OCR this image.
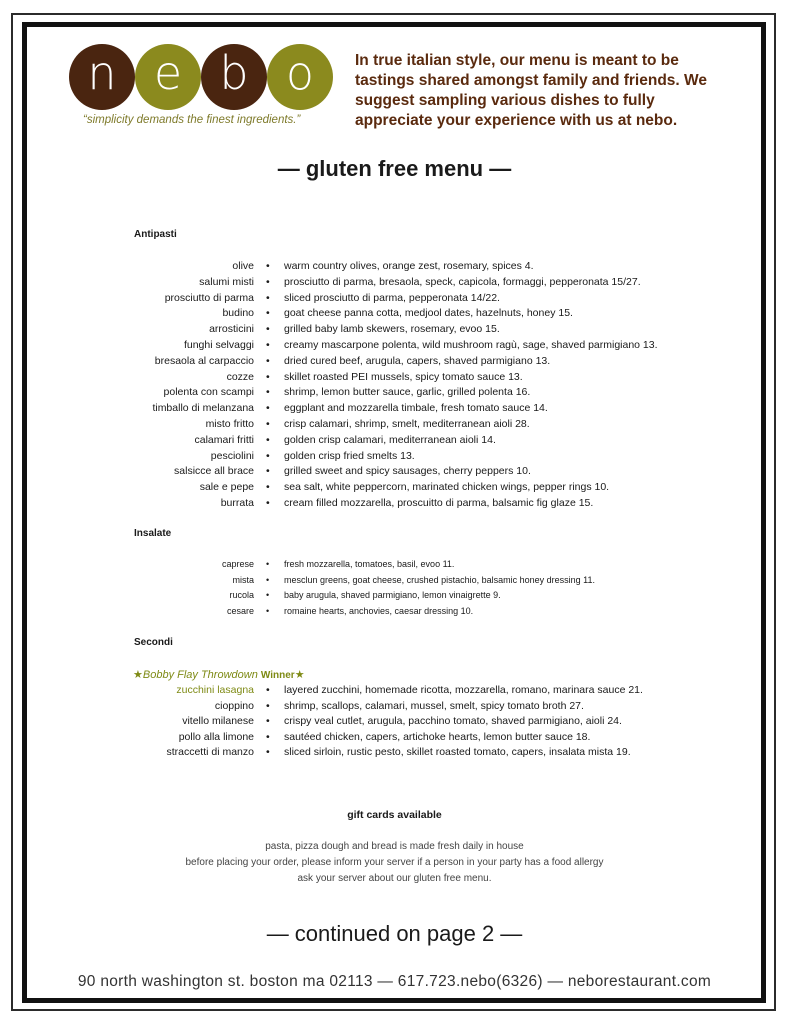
n e b o
“simplicity demands the finest ingredients.”
In true italian style, our menu is meant to be tastings shared amongst family and friends. We suggest sampling various dishes to fully appreciate your experience with us at nebo.
— gluten free menu —
Antipasti
Insalate
Secondi
★Bobby Flay Throwdown Winner★
olive • warm country olives, orange zest, rosemary, spices 4.
salumi misti • prosciutto di parma, bresaola, speck, capicola, formaggi, pepperonata 15/27.
prosciutto di parma • sliced prosciutto di parma, pepperonata 14/22.
budino • goat cheese panna cotta, medjool dates, hazelnuts, honey 15.
arrosticini • grilled baby lamb skewers, rosemary, evoo 15.
funghi selvaggi • creamy mascarpone polenta, wild mushroom ragù, sage, shaved parmigiano 13.
bresaola al carpaccio • dried cured beef, arugula, capers, shaved parmigiano 13.
cozze • skillet roasted PEI mussels, spicy tomato sauce 13.
polenta con scampi • shrimp, lemon butter sauce, garlic, grilled polenta 16.
timballo di melanzana • eggplant and mozzarella timbale, fresh tomato sauce 14.
misto fritto • crisp calamari, shrimp, smelt, mediterranean aioli 28.
calamari fritti • golden crisp calamari, mediterranean aioli 14.
pesciolini • golden crisp fried smelts 13.
salsicce all brace • grilled sweet and spicy sausages, cherry peppers 10.
sale e pepe • sea salt, white peppercorn, marinated chicken wings, pepper rings 10.
burrata • cream filled mozzarella, proscuitto di parma, balsamic fig glaze 15.
caprese • fresh mozzarella, tomatoes, basil, evoo 11.
mista • mesclun greens, goat cheese, crushed pistachio, balsamic honey dressing 11.
rucola • baby arugula, shaved parmigiano, lemon vinaigrette 9.
cesare • romaine hearts, anchovies, caesar dressing 10.
zucchini lasagna • layered zucchini, homemade ricotta, mozzarella, romano, marinara sauce 21.
cioppino • shrimp, scallops, calamari, mussel, smelt, spicy tomato broth 27.
vitello milanese • crispy veal cutlet, arugula, pacchino tomato, shaved parmigiano, aioli 24.
pollo alla limone • sautéed chicken, capers, artichoke hearts, lemon butter sauce 18.
straccetti di manzo • sliced sirloin, rustic pesto, skillet roasted tomato, capers, insalata mista 19.
gift cards available
pasta, pizza dough and bread is made fresh daily in house
before placing your order, please inform your server if a person in your party has a food allergy
ask your server about our gluten free menu.
— continued on page 2 —
90 north washington st. boston ma 02113 — 617.723.nebo(6326) — neborestaurant.com
